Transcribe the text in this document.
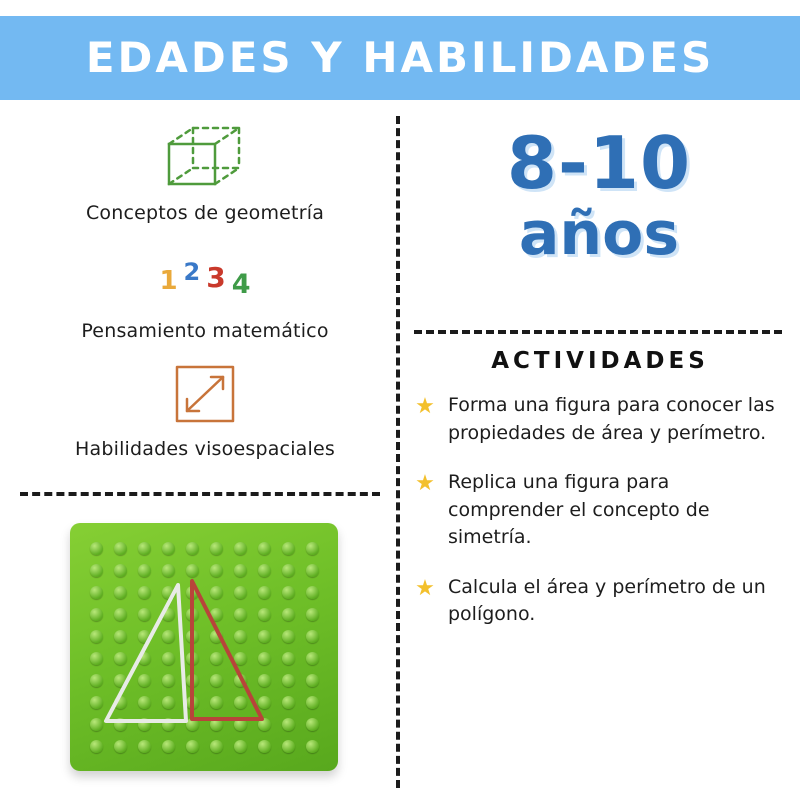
EDADES Y HABILIDADES
Conceptos de geometría
1 2 3 4
Pensamiento matemático
Habilidades visoespaciales
8-10
años
ACTIVIDADES
★ Forma una figura para conocer las propiedades de área y perímetro.
★ Replica una figura para comprender el concepto de simetría.
★ Calcula el área y perímetro de un polígono.
